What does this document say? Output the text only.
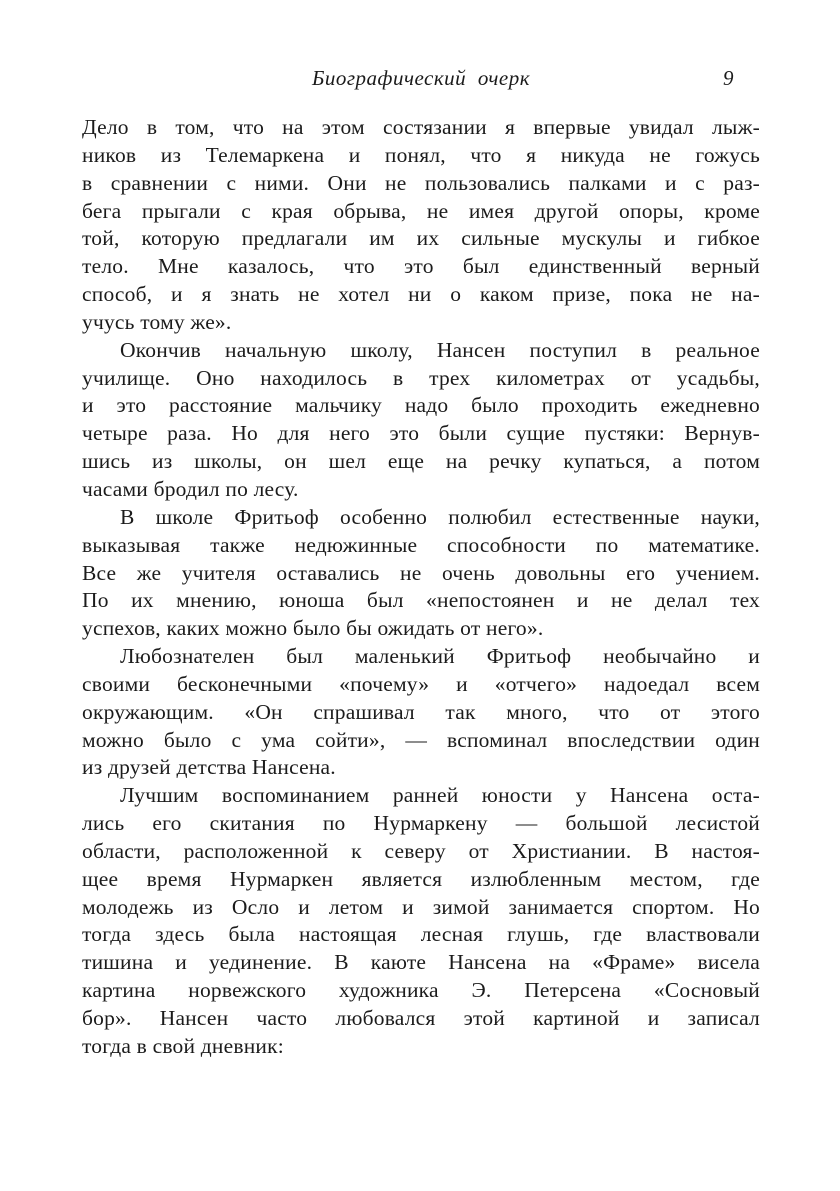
Биографический очерк	9
Дело в том, что на этом состязании я впервые увидал лыж-
ников из Телемаркена и понял, что я никуда не гожусь
в сравнении с ними. Они не пользовались палками и с раз-
бега прыгали с края обрыва, не имея другой опоры, кроме
той, которую предлагали им их сильные мускулы и гибкое
тело. Мне казалось, что это был единственный верный
способ, и я знать не хотел ни о каком призе, пока не на-
учусь тому же».
Окончив начальную школу, Нансен поступил в реальное
училище. Оно находилось в трех километрах от усадьбы,
и это расстояние мальчику надо было проходить ежедневно
четыре раза. Но для него это были сущие пустяки: Вернув-
шись из школы, он шел еще на речку купаться, а потом
часами бродил по лесу.
В школе Фритьоф особенно полюбил естественные науки,
выказывая также недюжинные способности по математике.
Все же учителя оставались не очень довольны его учением.
По их мнению, юноша был «непостоянен и не делал тех
успехов, каких можно было бы ожидать от него».
Любознателен был маленький Фритьоф необычайно и
своими бесконечными «почему» и «отчего» надоедал всем
окружающим. «Он спрашивал так много, что от этого
можно было с ума сойти», — вспоминал впоследствии один
из друзей детства Нансена.
Лучшим воспоминанием ранней юности у Нансена оста-
лись его скитания по Нурмаркену — большой лесистой
области, расположенной к северу от Христиании. В настоя-
щее время Нурмаркен является излюбленным местом, где
молодежь из Осло и летом и зимой занимается спортом. Но
тогда здесь была настоящая лесная глушь, где властвовали
тишина и уединение. В каюте Нансена на «Фраме» висела
картина норвежского художника Э. Петерсена «Сосновый
бор». Нансен часто любовался этой картиной и записал
тогда в свой дневник:
